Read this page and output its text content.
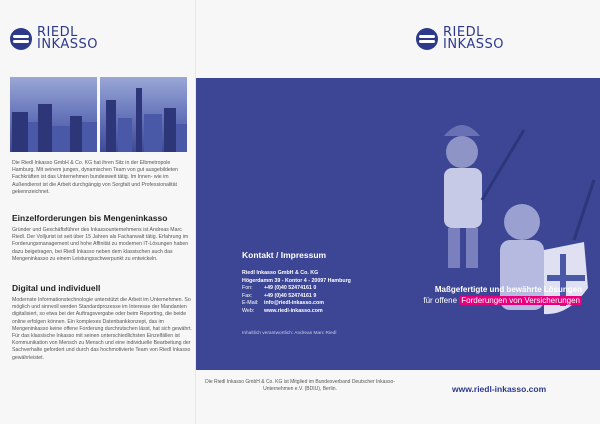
RIEDL
INKASSO
RIEDL
INKASSO
Die Riedl Inkasso GmbH & Co. KG hat ihren Sitz in der Elbmetropole Hamburg. Mit seinem jungen, dynamischen Team von gut ausgebildeten Fachkräften ist das Unternehmen bundesweit tätig. Im Innen- wie im Außendienst ist die Arbeit durchgängig von Sorgfalt und Professionalität gekennzeichnet.
Einzelforderungen bis Mengeninkasso
Gründer und Geschäftsführer des Inkassounternehmens ist Andreas Marc Riedl. Der Volljurist ist seit über 15 Jahren als Fachanwalt tätig. Erfahrung im Forderungsmanagement und hohe Affinität zu modernen IT-Lösungen haben dazu beigetragen, bei Riedl Inkasso neben dem klassischen auch das Mengeninkasso zu einem Leistungsschwerpunkt zu entwickeln.
Digital und individuell
Modernste Informationstechnologie unterstützt die Arbeit im Unternehmen. So möglich und sinnvoll werden Standardprozesse im Interesse der Mandanten digitalisiert, so etwa bei der Auftragsvergabe oder beim Reporting, die beide online erfolgen können. Ein komplexes Datenbankkonzept, das im Mengeninkasso keine offene Forderung durchrutschen lässt, hat sich gewährt. Für das klassische Inkasso mit seinen unterschiedlichsten Einzelfällen ist Kommunikation von Mensch zu Mensch und eine individuelle Bearbeitung der Sachverhalte gefordert und durch das hochmotivierte Team von Riedl Inkasso gewährleistet.
Kontakt / Impressum
Riedl Inkasso GmbH & Co. KG
Högerdamm 39 - Kontor 4 - 20097 Hamburg
Fon:	+49 (0)40 52474161 0
Fax:	+49 (0)40 52474161 9
E-Mail:	info@riedl-inkasso.com
Web:	www.riedl-inkasso.com
Inhaltlich verantwortlich: Andreas Marc Riedl
Maßgefertigte und bewährte Lösungen
für offene Forderungen von Versicherungen
Die Riedl Inkasso GmbH & Co. KG ist Mitglied im Bundesverband Deutscher Inkasso-Unternehmen e.V. (BDIU), Berlin.	www.riedl-inkasso.com
